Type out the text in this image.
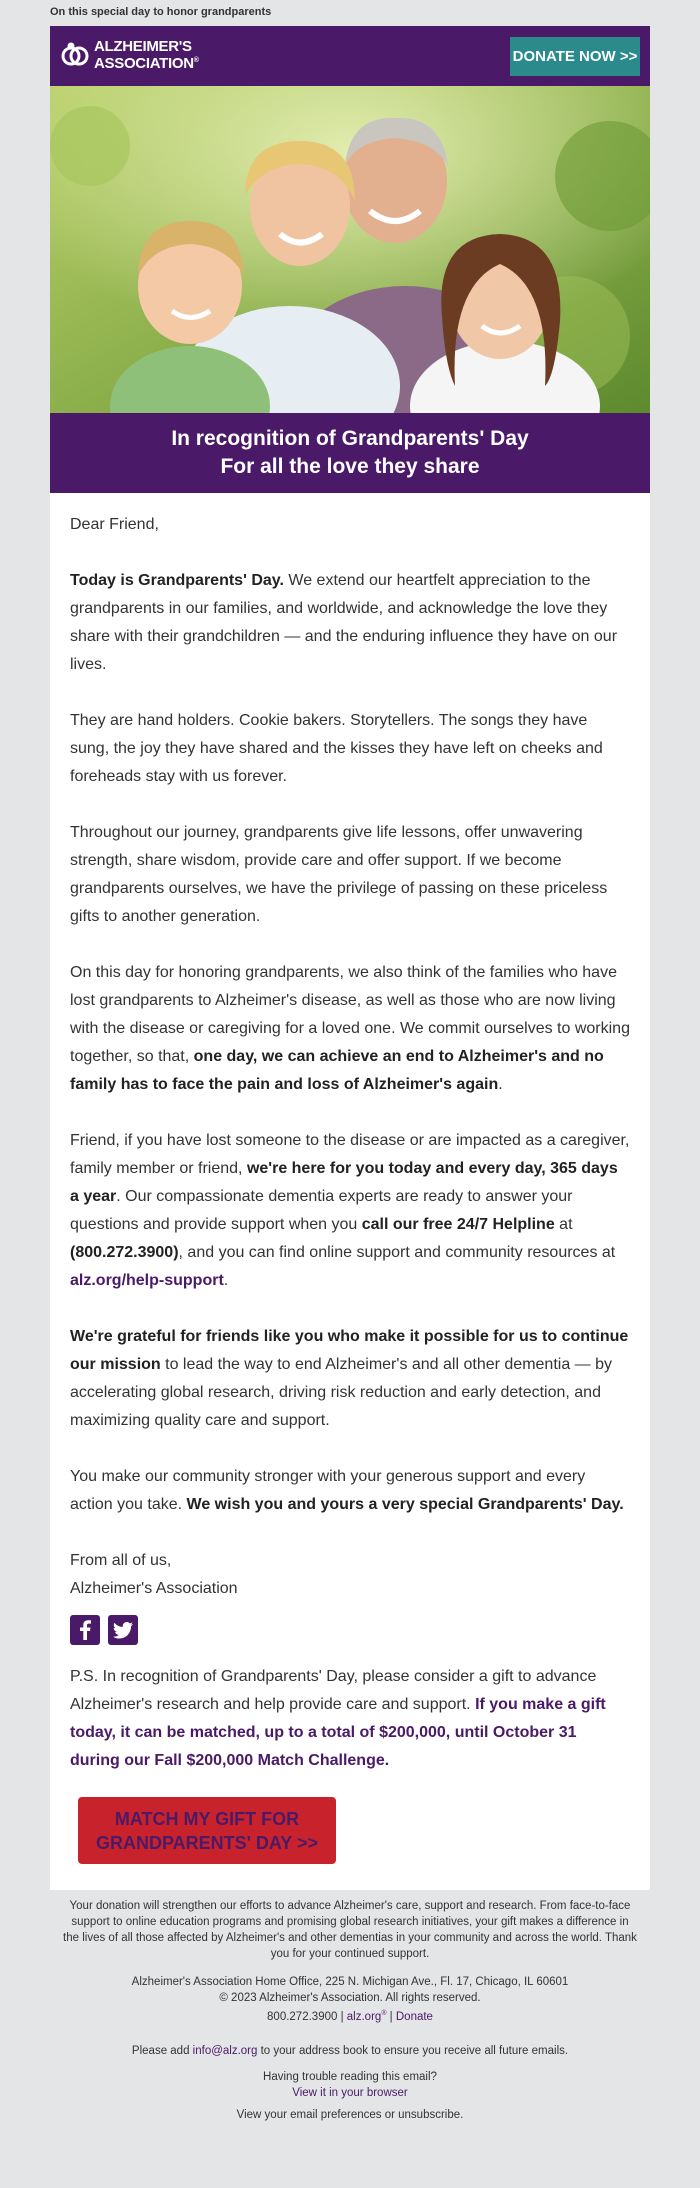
On this special day to honor grandparents
ALZHEIMER'S
ASSOCIATION®	DONATE NOW >>
In recognition of Grandparents' Day
For all the love they share

Dear Friend,

Today is Grandparents' Day. We extend our heartfelt appreciation to the grandparents in our families, and worldwide, and acknowledge the love they share with their grandchildren — and the enduring influence they have on our lives.

They are hand holders. Cookie bakers. Storytellers. The songs they have sung, the joy they have shared and the kisses they have left on cheeks and foreheads stay with us forever.

Throughout our journey, grandparents give life lessons, offer unwavering strength, share wisdom, provide care and offer support. If we become grandparents ourselves, we have the privilege of passing on these priceless gifts to another generation.

On this day for honoring grandparents, we also think of the families who have lost grandparents to Alzheimer's disease, as well as those who are now living with the disease or caregiving for a loved one. We commit ourselves to working together, so that, one day, we can achieve an end to Alzheimer's and no family has to face the pain and loss of Alzheimer's again.

Friend, if you have lost someone to the disease or are impacted as a caregiver, family member or friend, we're here for you today and every day, 365 days a year. Our compassionate dementia experts are ready to answer your questions and provide support when you call our free 24/7 Helpline at (800.272.3900), and you can find online support and community resources at alz.org/help-support.

We're grateful for friends like you who make it possible for us to continue our mission to lead the way to end Alzheimer's and all other dementia — by accelerating global research, driving risk reduction and early detection, and maximizing quality care and support.

You make our community stronger with your generous support and every action you take. We wish you and yours a very special Grandparents' Day.

From all of us,
Alzheimer's Association

P.S. In recognition of Grandparents' Day, please consider a gift to advance Alzheimer's research and help provide care and support. If you make a gift today, it can be matched, up to a total of $200,000, until October 31 during our Fall $200,000 Match Challenge.

MATCH MY GIFT FOR
GRANDPARENTS' DAY >>

Your donation will strengthen our efforts to advance Alzheimer's care, support and research. From face-to-face support to online education programs and promising global research initiatives, your gift makes a difference in the lives of all those affected by Alzheimer's and other dementias in your community and across the world. Thank you for your continued support.

Alzheimer's Association Home Office, 225 N. Michigan Ave., Fl. 17, Chicago, IL 60601
© 2023 Alzheimer's Association. All rights reserved.
800.272.3900 | alz.org® | Donate

Please add info@alz.org to your address book to ensure you receive all future emails.

Having trouble reading this email?
View it in your browser

View your email preferences or unsubscribe.
